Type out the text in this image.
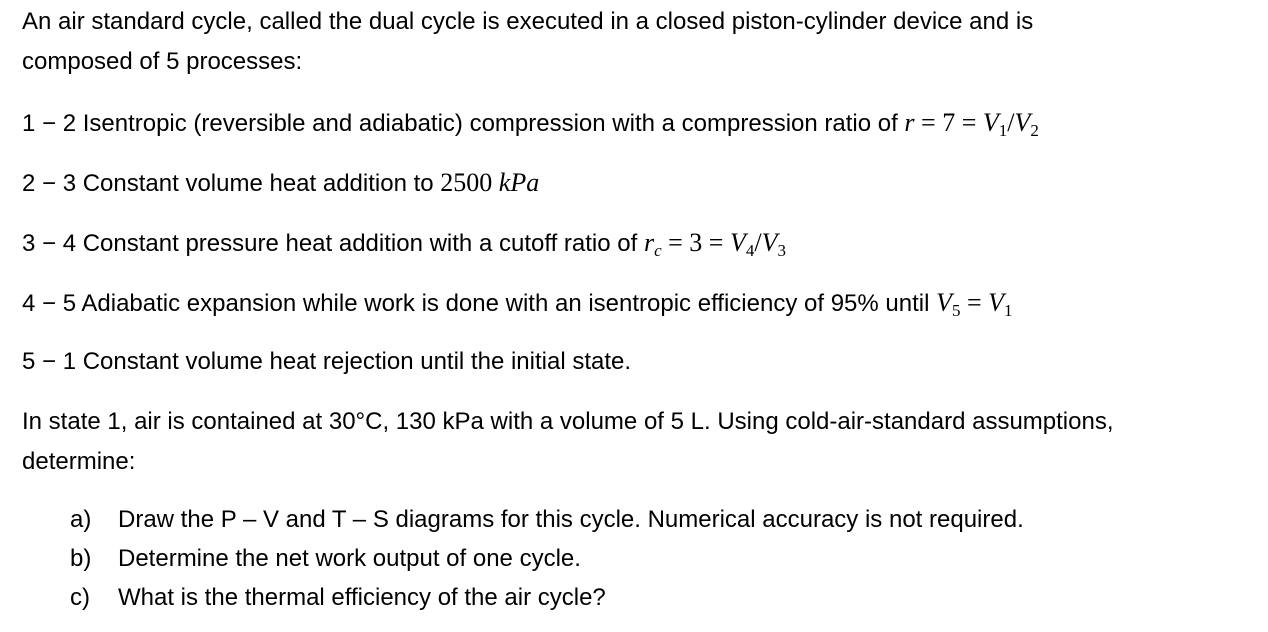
An air standard cycle, called the dual cycle is executed in a closed piston-cylinder device and is
composed of 5 processes:
1 − 2 Isentropic (reversible and adiabatic) compression with a compression ratio of $r = 7 = V_1/V_2$
2 − 3 Constant volume heat addition to 2500 kPa
3 − 4 Constant pressure heat addition with a cutoff ratio of $r_c = 3 = V_4/V_3$
4 − 5 Adiabatic expansion while work is done with an isentropic efficiency of 95% until $V_5 = V_1$
5 − 1 Constant volume heat rejection until the initial state.
In state 1, air is contained at 30°C, 130 kPa with a volume of 5 L. Using cold-air-standard assumptions,
determine:
a) Draw the P – V and T – S diagrams for this cycle. Numerical accuracy is not required.
b) Determine the net work output of one cycle.
c) What is the thermal efficiency of the air cycle?
